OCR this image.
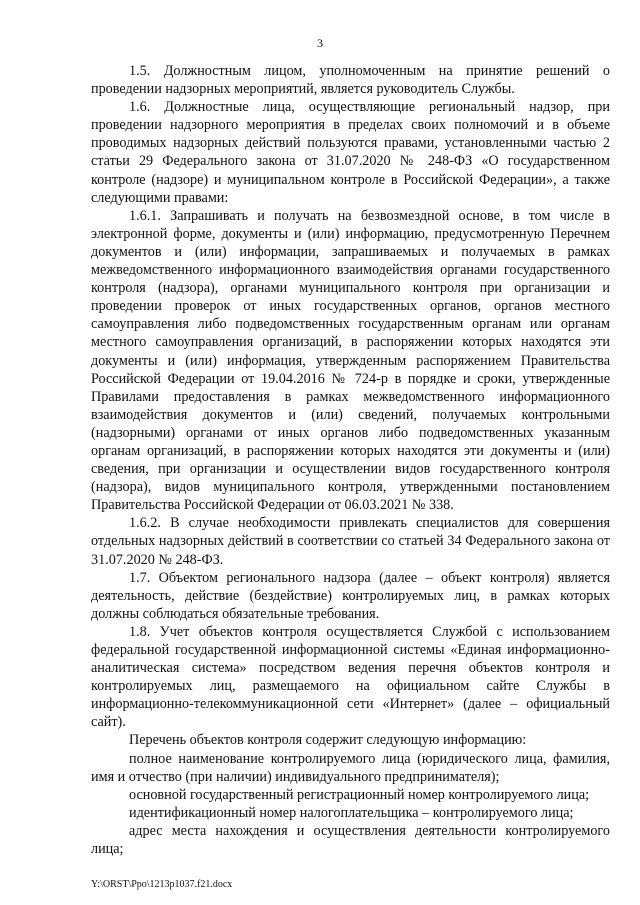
3

1.5. Должностным лицом, уполномоченным на принятие решений о проведении надзорных мероприятий, является руководитель Службы.

1.6. Должностные лица, осуществляющие региональный надзор, при проведении надзорного мероприятия в пределах своих полномочий и в объеме проводимых надзорных действий пользуются правами, установленными частью 2 статьи 29 Федерального закона от 31.07.2020 № 248-ФЗ «О государственном контроле (надзоре) и муниципальном контроле в Российской Федерации», а также следующими правами:

1.6.1. Запрашивать и получать на безвозмездной основе, в том числе в электронной форме, документы и (или) информацию, предусмотренную Перечнем документов и (или) информации, запрашиваемых и получаемых в рамках межведомственного информационного взаимодействия органами государственного контроля (надзора), органами муниципального контроля при организации и проведении проверок от иных государственных органов, органов местного самоуправления либо подведомственных государственным органам или органам местного самоуправления организаций, в распоряжении которых находятся эти документы и (или) информация, утвержденным распоряжением Правительства Российской Федерации от 19.04.2016 № 724-р в порядке и сроки, утвержденные Правилами предоставления в рамках межведомственного информационного взаимодействия документов и (или) сведений, получаемых контрольными (надзорными) органами от иных органов либо подведомственных указанным органам организаций, в распоряжении которых находятся эти документы и (или) сведения, при организации и осуществлении видов государственного контроля (надзора), видов муниципального контроля, утвержденными постановлением Правительства Российской Федерации от 06.03.2021 № 338.

1.6.2. В случае необходимости привлекать специалистов для совершения отдельных надзорных действий в соответствии со статьей 34 Федерального закона от 31.07.2020 № 248-ФЗ.

1.7. Объектом регионального надзора (далее – объект контроля) является деятельность, действие (бездействие) контролируемых лиц, в рамках которых должны соблюдаться обязательные требования.

1.8. Учет объектов контроля осуществляется Службой с использованием федеральной государственной информационной системы «Единая информационно-аналитическая система» посредством ведения перечня объектов контроля и контролируемых лиц, размещаемого на официальном сайте Службы в информационно-телекоммуникационной сети «Интернет» (далее – официальный сайт).

Перечень объектов контроля содержит следующую информацию:

полное наименование контролируемого лица (юридического лица, фамилия, имя и отчество (при наличии) индивидуального предпринимателя);

основной государственный регистрационный номер контролируемого лица;

идентификационный номер налогоплательщика – контролируемого лица;

адрес места нахождения и осуществления деятельности контролируемого лица;

Y:\ORST\Ppo\1213p1037.f21.docx
